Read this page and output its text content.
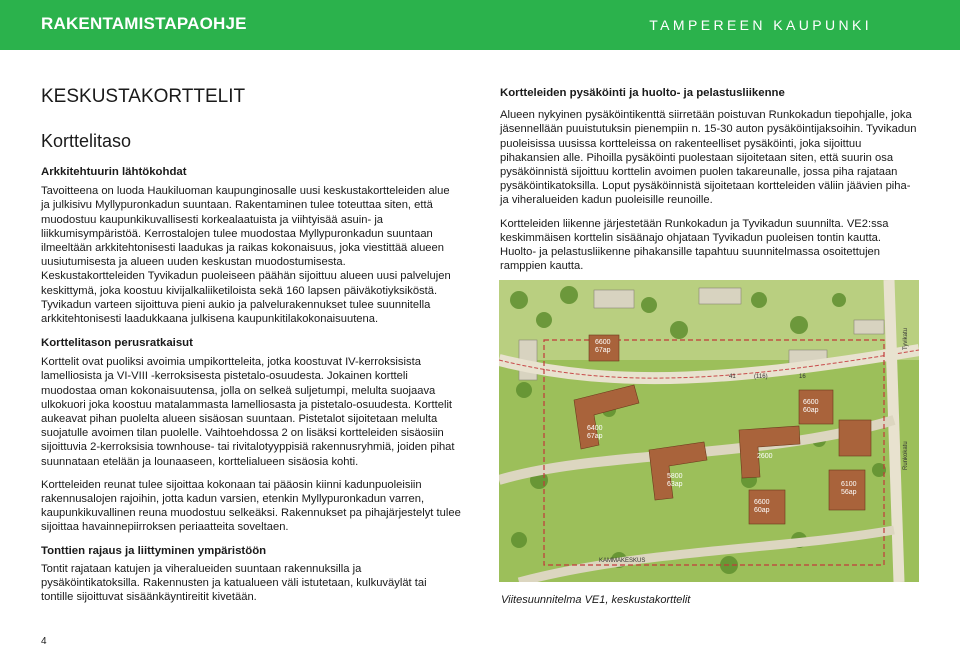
RAKENTAMISTAPAOHJE	TAMPEREEN KAUPUNKI
KESKUSTAKORTTELIT
Korttelitaso
Arkkitehtuurin lähtökohdat

Tavoitteena on luoda Haukiluoman kaupunginosalle uusi keskustakortteleiden alue ja julkisivu Myllypuronkadun suuntaan. Rakentaminen tulee toteuttaa siten, että muodostuu kaupunkikuvallisesti korkealaatuista ja viihtyisää asuin- ja liikkumisympäristöä. Kerrostalojen tulee muodostaa Myllypuronkadun suuntaan ilmeeltään arkkitehtonisesti laadukas ja raikas kokonaisuus, joka viestittää alueen uusiutumisesta ja alueen uuden keskustan muodostumisesta.

Keskustakortteleiden Tyvikadun puoleiseen päähän sijoittuu alueen uusi palvelujen keskittymä, joka koostuu kivijalkaliiketiloista sekä 160 lapsen päiväkotiyksiköstä. Tyvikadun varteen sijoittuva pieni aukio ja palvelurakennukset tulee suunnitella arkkitehtonisesti laadukkaana julkisena kaupunkitilakokonaisuutena.

Korttelitason perusratkaisut

Korttelit ovat puoliksi avoimia umpikortteleita, jotka koostuvat IV-kerroksisista lamelliosista ja VI-VIII -kerroksisesta pistetalo-osuudesta. Jokainen kortteli muodostaa oman kokonaisuutensa, jolla on selkeä suljetumpi, melulta suojaava ulkokuori joka koostuu matalammasta lamelliosasta ja pistetalo-osuudesta. Korttelit aukeavat pihan puolelta alueen sisäosan suuntaan. Pistetalot sijoitetaan melulta suojatulle avoimen tilan puolelle. Vaihtoehdossa 2 on lisäksi kortteleiden sisäosiin sijoittuvia 2-kerroksisia townhouse- tai rivitalotyyppisiä rakennusryhmiä, joiden pihat suunnataan etelään ja lounaaseen, korttelialueen sisäosia kohti.

Kortteleiden reunat tulee sijoittaa kokonaan tai pääosin kiinni kadunpuoleisiin rakennusalojen rajoihin, jotta kadun varsien, etenkin Myllypuronkadun varren, kaupunkikuvallinen reuna muodostuu selkeäksi. Rakennukset pa pihajärjestelyt tulee sijoittaa havainnepiirroksen periaatteita soveltaen.

Tonttien rajaus ja liittyminen ympäristöön

Tontit rajataan katujen ja viheralueiden suuntaan rakennuksilla ja pysäköintikatoksilla. Rakennusten ja katualueen väli istutetaan, kulkuväylät tai tontille sijoittuvat sisäänkäyntireitit kivetään.

Kortteleiden pysäköinti ja huolto- ja pelastusliikenne

Alueen nykyinen pysäköintikenttä siirretään poistuvan Runkokadun tiepohjalle, joka jäsennellään puuistutuksin pienempiin n. 15-30 auton pysäköintijaksoihin. Tyvikadun puoleisissa uusissa kortteleissa on rakenteelliset pysäköinti, joka sijoittuu pihakansien alle. Pihoilla pysäköinti puolestaan sijoitetaan siten, että suurin osa pysäköinnistä sijoittuu korttelin avoimen puolen takareunalle, jossa piha rajataan pysäköintikatoksilla. Loput pysäköinnistä sijoitetaan kortteleiden väliin jäävien piha- ja viheralueiden kadun puoleisille reunoille.

Kortteleiden liikenne järjestetään Runkokadun ja Tyvikadun suunnilta. VE2:ssa keskimmäisen korttelin sisäänajo ohjataan Tyvikadun puoleisen tontin kautta. Huolto- ja pelastusliikenne pihakansille tapahtuu suunnitelmassa osoitettujen ramppien kautta.

6600
67ap
6400
67ap
5800
63ap
2600
6600
60ap
6600
60ap
6100
56ap
41	(116)	16
KAMMAKESKUS
Tyvikatu
Runkokatu
Viitesuunnitelma VE1, keskustakorttelit
4
